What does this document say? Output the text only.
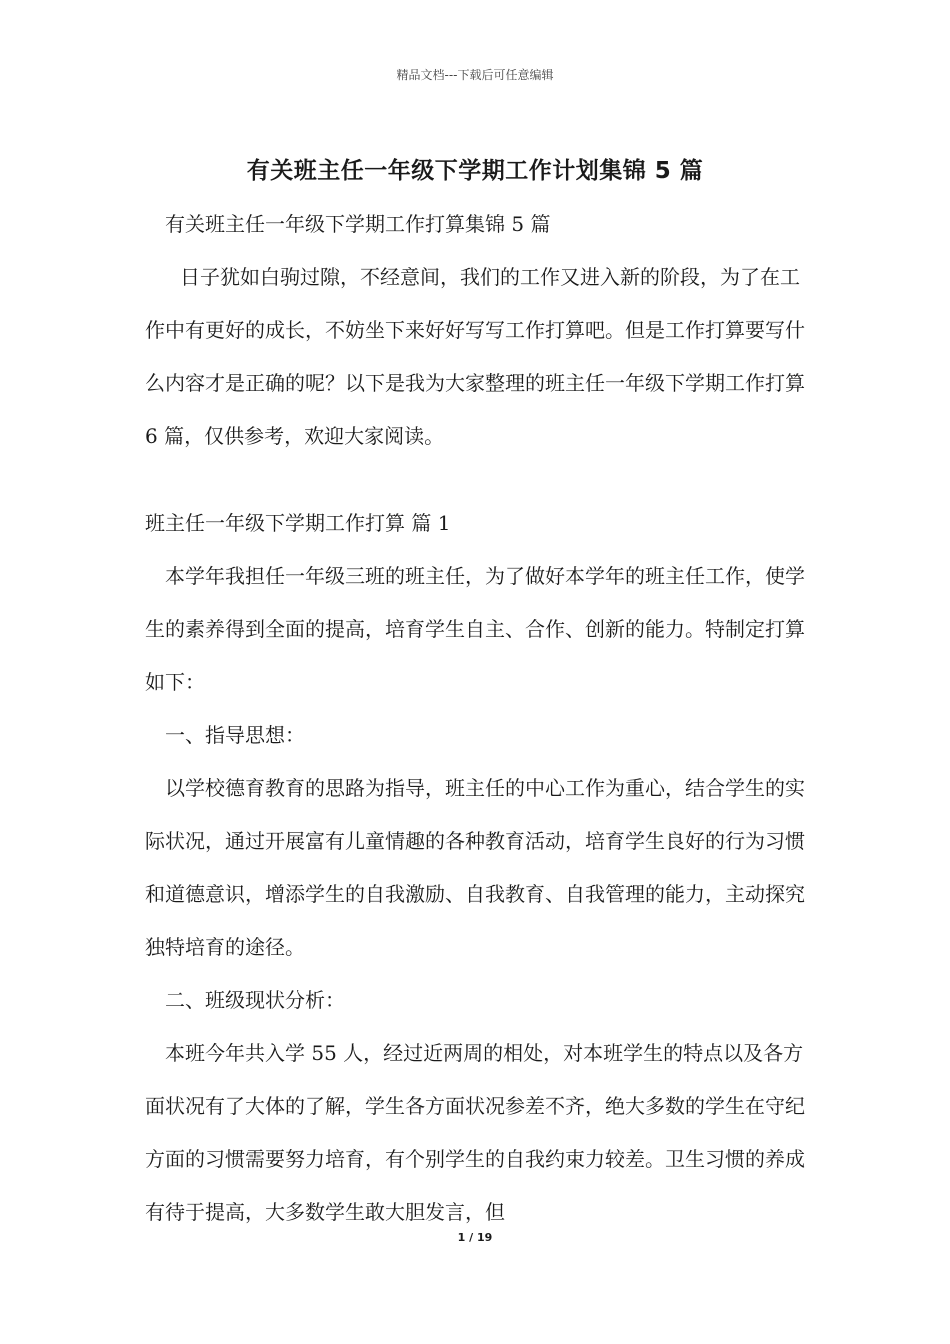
精品文档---下载后可任意编辑
有关班主任一年级下学期工作计划集锦 5 篇

有关班主任一年级下学期工作打算集锦 5 篇

日子犹如白驹过隙，不经意间，我们的工作又进入新的阶段，为了在工作中有更好的成长，不妨坐下来好好写写工作打算吧。但是工作打算要写什么内容才是正确的呢？以下是我为大家整理的班主任一年级下学期工作打算 6 篇，仅供参考，欢迎大家阅读。

班主任一年级下学期工作打算 篇 1

本学年我担任一年级三班的班主任，为了做好本学年的班主任工作，使学生的素养得到全面的提高，培育学生自主、合作、创新的能力。特制定打算如下：

一、指导思想：

以学校德育教育的思路为指导，班主任的中心工作为重心，结合学生的实际状况，通过开展富有儿童情趣的各种教育活动，培育学生良好的行为习惯和道德意识，增添学生的自我激励、自我教育、自我管理的能力，主动探究独特培育的途径。

二、班级现状分析：

本班今年共入学 55 人，经过近两周的相处，对本班学生的特点以及各方面状况有了大体的了解，学生各方面状况参差不齐，绝大多数的学生在守纪方面的习惯需要努力培育，有个别学生的自我约束力较差。卫生习惯的养成有待于提高，大多数学生敢大胆发言，但

1 / 19
